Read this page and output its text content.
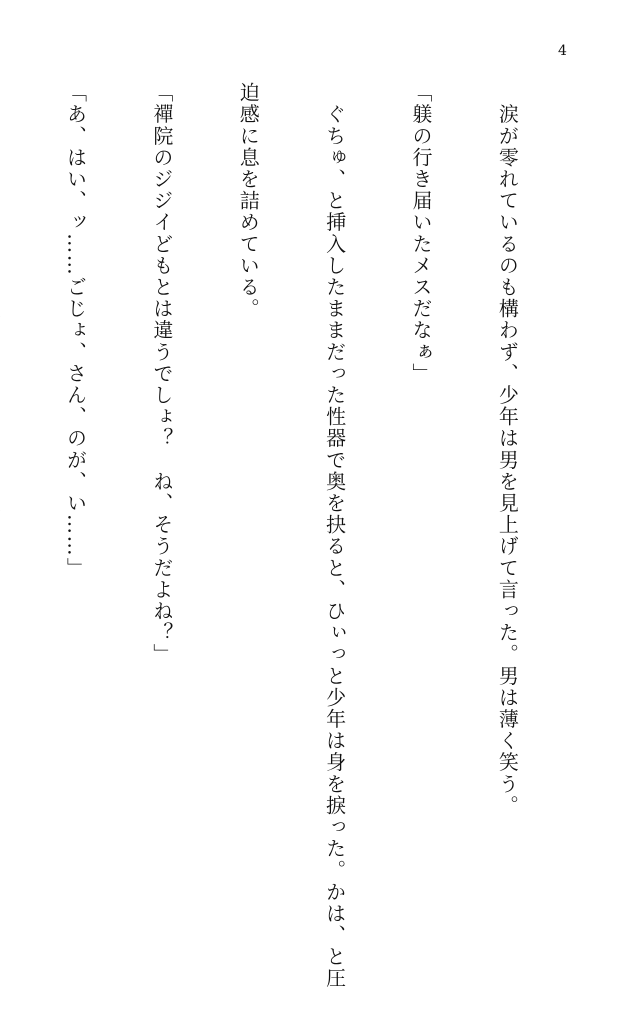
4

　涙が零れているのも構わず、少年は男を見上げて言った。男は薄く笑う。

「躾の行き届いたメスだなぁ」

　ぐちゅ、と挿入したままだった性器で奥を抉ると、ひぃっと少年は身を捩った。かは、と圧

迫感に息を詰めている。

「禪院のジジイどもとは違うでしょ？　ね、そうだよね？」

「あ、はい、ッ……ごじょ、さん、のが、い……」
